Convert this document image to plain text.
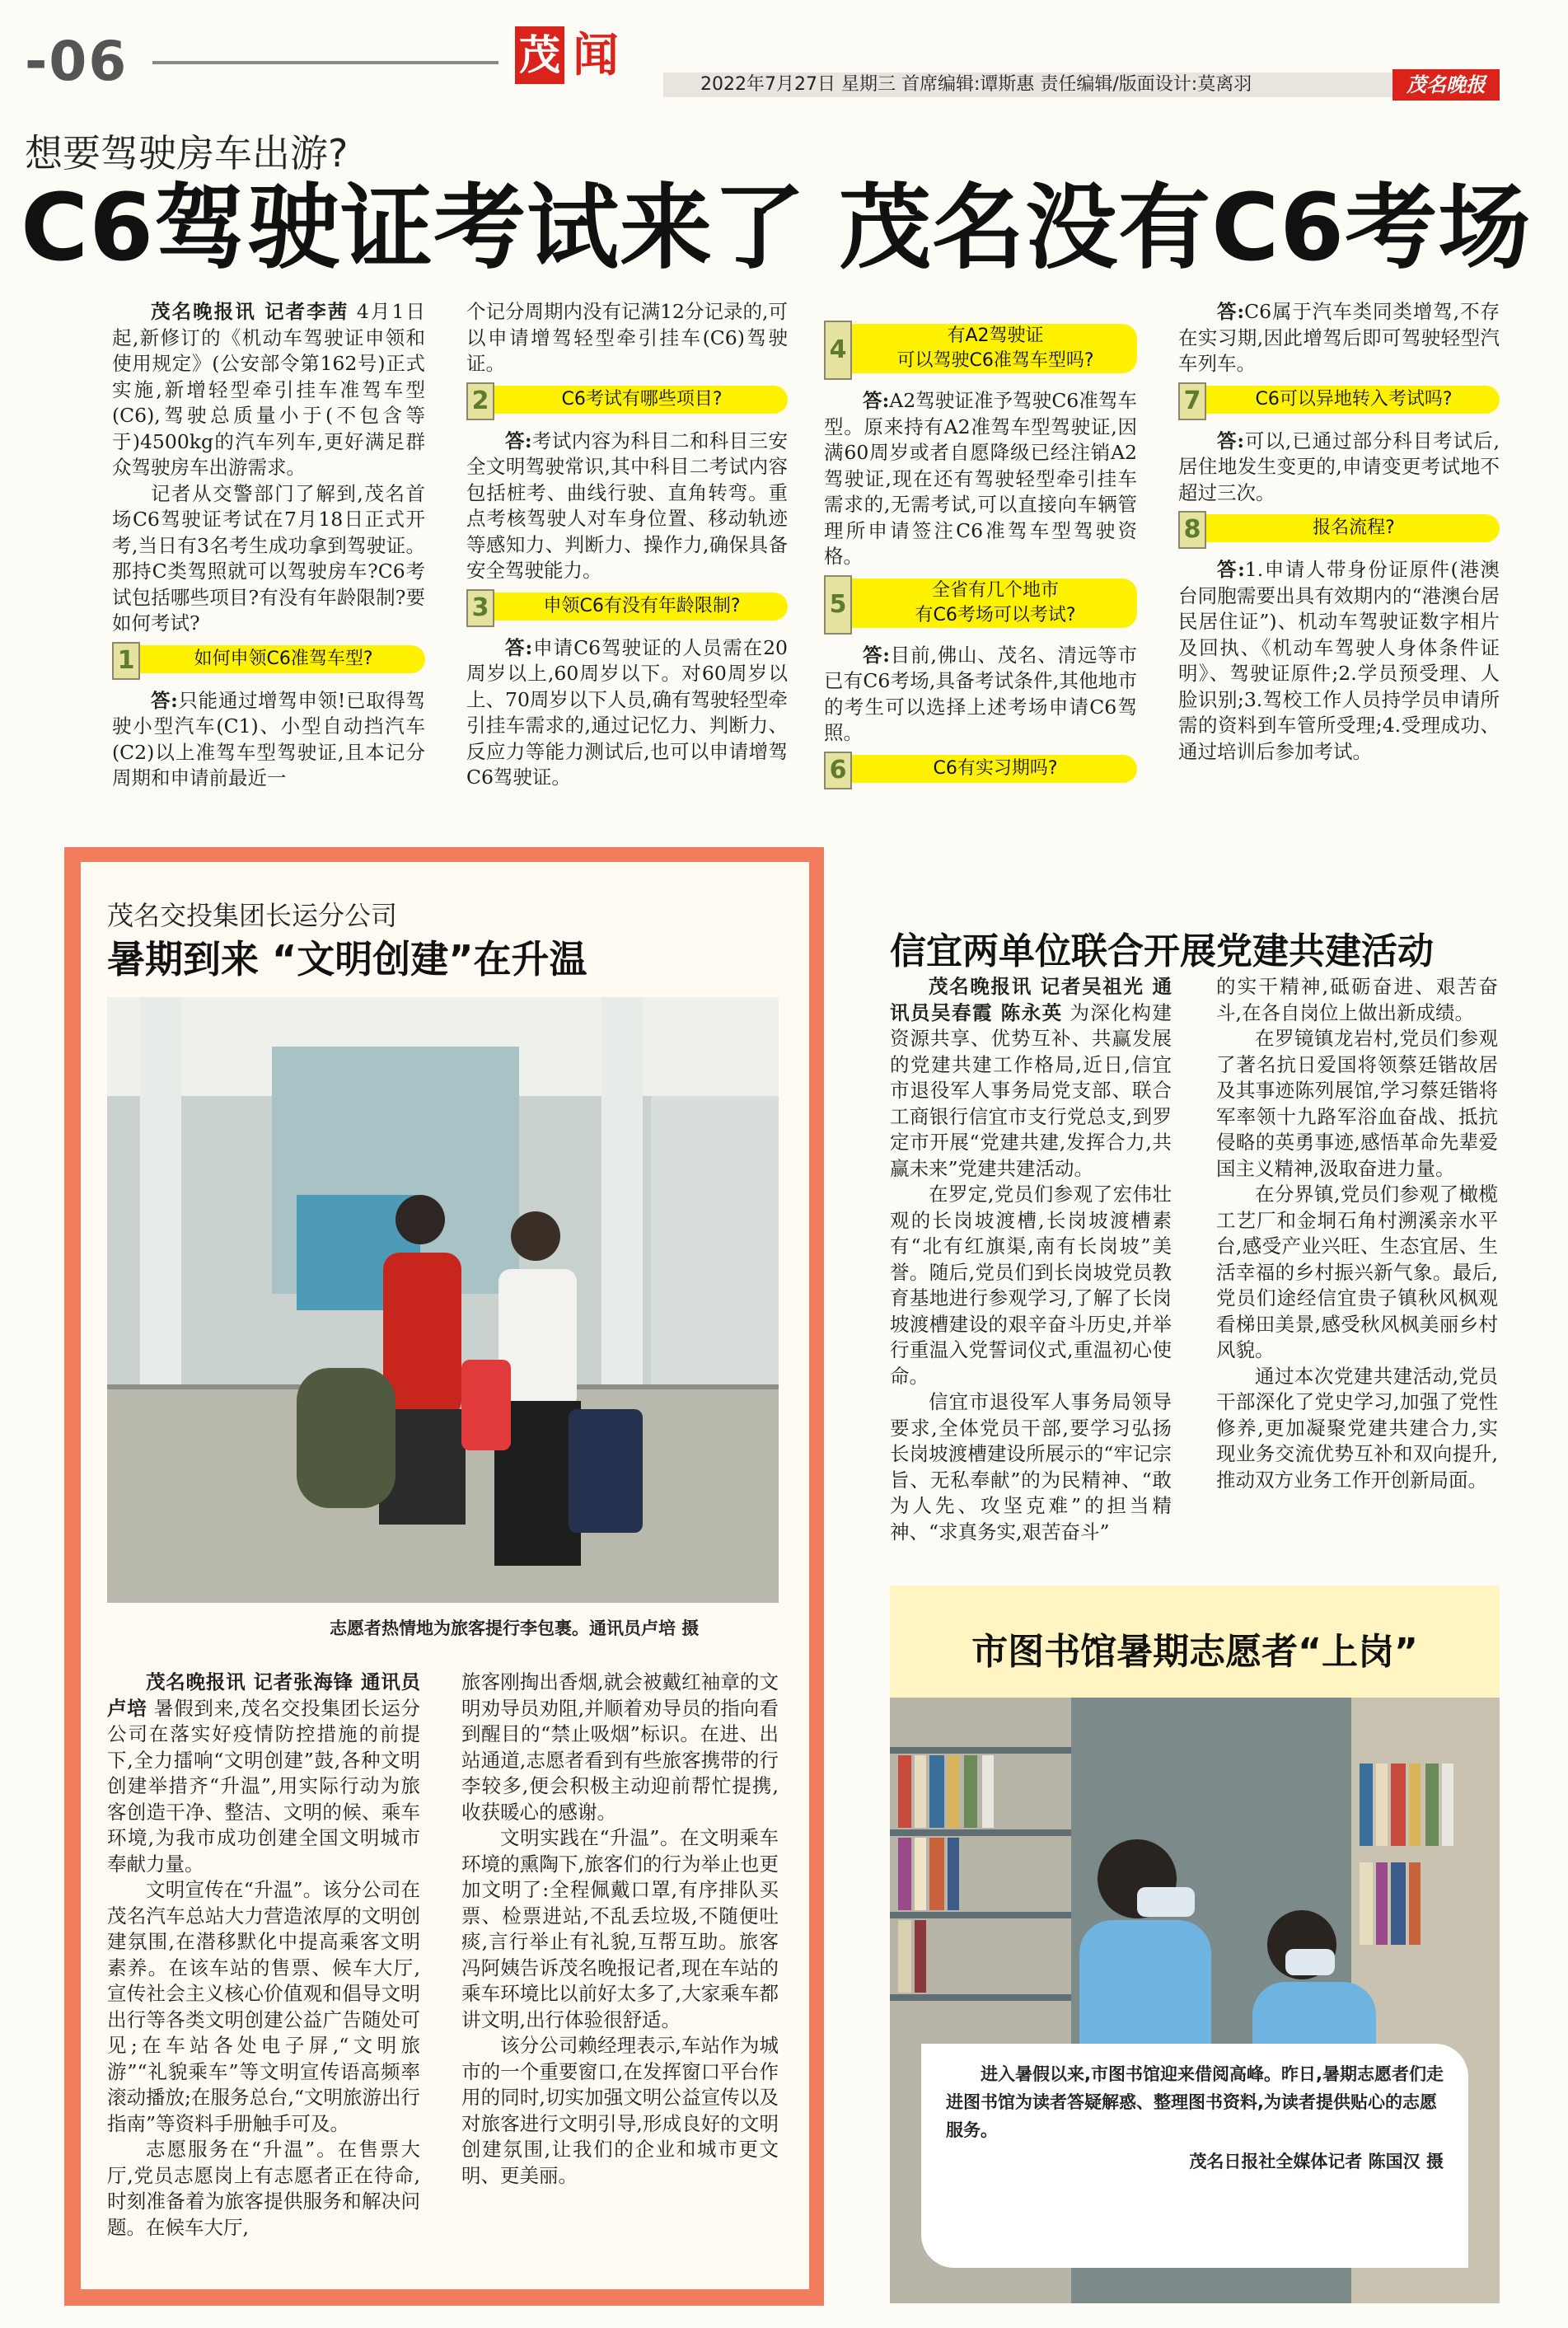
-06	茂 闻
2022年7月27日 星期三 首席编辑:谭斯惠 责任编辑/版面设计:莫离羽	茂名晚报
想要驾驶房车出游?
C6驾驶证考试来了 茂名没有C6考场

茂名晚报讯 记者李茜 4月1日起,新修订的《机动车驾驶证申领和使用规定》(公安部令第162号)正式实施,新增轻型牵引挂车准驾车型(C6),驾驶总质量小于(不包含等于)4500kg的汽车列车,更好满足群众驾驶房车出游需求。

记者从交警部门了解到,茂名首场C6驾驶证考试在7月18日正式开考,当日有3名考生成功拿到驾驶证。那持C类驾照就可以驾驶房车?C6考试包括哪些项目?有没有年龄限制?要如何考试?

1	如何申领C6准驾车型?

答:只能通过增驾申领!已取得驾驶小型汽车(C1)、小型自动挡汽车(C2)以上准驾车型驾驶证,且本记分周期和申请前最近一

个记分周期内没有记满12分记录的,可以申请增驾轻型牵引挂车(C6)驾驶证。

2	C6考试有哪些项目?

答:考试内容为科目二和科目三安全文明驾驶常识,其中科目二考试内容包括桩考、曲线行驶、直角转弯。重点考核驾驶人对车身位置、移动轨迹等感知力、判断力、操作力,确保具备安全驾驶能力。

3	申领C6有没有年龄限制?

答:申请C6驾驶证的人员需在20周岁以上,60周岁以下。对60周岁以上、70周岁以下人员,确有驾驶轻型牵引挂车需求的,通过记忆力、判断力、反应力等能力测试后,也可以申请增驾C6驾驶证。

4	有A2驾驶证
可以驾驶C6准驾车型吗?

答:A2驾驶证准予驾驶C6准驾车型。原来持有A2准驾车型驾驶证,因满60周岁或者自愿降级已经注销A2驾驶证,现在还有驾驶轻型牵引挂车需求的,无需考试,可以直接向车辆管理所申请签注C6准驾车型驾驶资格。

5	全省有几个地市
有C6考场可以考试?

答:目前,佛山、茂名、清远等市已有C6考场,具备考试条件,其他地市的考生可以选择上述考场申请C6驾照。

6	C6有实习期吗?

答:C6属于汽车类同类增驾,不存在实习期,因此增驾后即可驾驶轻型汽车列车。

7	C6可以异地转入考试吗?

答:可以,已通过部分科目考试后,居住地发生变更的,申请变更考试地不超过三次。

8	报名流程?

答:1.申请人带身份证原件(港澳台同胞需要出具有效期内的“港澳台居民居住证”)、机动车驾驶证数字相片及回执、《机动车驾驶人身体条件证明》、驾驶证原件;2.学员预受理、人脸识别;3.驾校工作人员持学员申请所需的资料到车管所受理;4.受理成功、通过培训后参加考试。

茂名交投集团长运分公司
暑期到来 “文明创建”在升温
志愿者热情地为旅客提行李包裹。通讯员卢培 摄

茂名晚报讯 记者张海锋 通讯员卢培 暑假到来,茂名交投集团长运分公司在落实好疫情防控措施的前提下,全力擂响“文明创建”鼓,各种文明创建举措齐“升温”,用实际行动为旅客创造干净、整洁、文明的候、乘车环境,为我市成功创建全国文明城市奉献力量。

文明宣传在“升温”。该分公司在茂名汽车总站大力营造浓厚的文明创建氛围,在潜移默化中提高乘客文明素养。在该车站的售票、候车大厅,宣传社会主义核心价值观和倡导文明出行等各类文明创建公益广告随处可见;在车站各处电子屏,“文明旅游”“礼貌乘车”等文明宣传语高频率滚动播放;在服务总台,“文明旅游出行指南”等资料手册触手可及。

志愿服务在“升温”。在售票大厅,党员志愿岗上有志愿者正在待命,时刻准备着为旅客提供服务和解决问题。在候车大厅,

旅客刚掏出香烟,就会被戴红袖章的文明劝导员劝阻,并顺着劝导员的指向看到醒目的“禁止吸烟”标识。在进、出站通道,志愿者看到有些旅客携带的行李较多,便会积极主动迎前帮忙提携,收获暖心的感谢。

文明实践在“升温”。在文明乘车环境的熏陶下,旅客们的行为举止也更加文明了:全程佩戴口罩,有序排队买票、检票进站,不乱丢垃圾,不随便吐痰,言行举止有礼貌,互帮互助。旅客冯阿姨告诉茂名晚报记者,现在车站的乘车环境比以前好太多了,大家乘车都讲文明,出行体验很舒适。

该分公司赖经理表示,车站作为城市的一个重要窗口,在发挥窗口平台作用的同时,切实加强文明公益宣传以及对旅客进行文明引导,形成良好的文明创建氛围,让我们的企业和城市更文明、更美丽。

信宜两单位联合开展党建共建活动

茂名晚报讯 记者吴祖光 通讯员吴春霞 陈永英 为深化构建资源共享、优势互补、共赢发展的党建共建工作格局,近日,信宜市退役军人事务局党支部、联合工商银行信宜市支行党总支,到罗定市开展“党建共建,发挥合力,共赢未来”党建共建活动。

在罗定,党员们参观了宏伟壮观的长岗坡渡槽,长岗坡渡槽素有“北有红旗渠,南有长岗坡”美誉。随后,党员们到长岗坡党员教育基地进行参观学习,了解了长岗坡渡槽建设的艰辛奋斗历史,并举行重温入党誓词仪式,重温初心使命。

信宜市退役军人事务局领导要求,全体党员干部,要学习弘扬长岗坡渡槽建设所展示的“牢记宗旨、无私奉献”的为民精神、“敢为人先、攻坚克难”的担当精神、“求真务实,艰苦奋斗”

的实干精神,砥砺奋进、艰苦奋斗,在各自岗位上做出新成绩。

在罗镜镇龙岩村,党员们参观了著名抗日爱国将领蔡廷锴故居及其事迹陈列展馆,学习蔡廷锴将军率领十九路军浴血奋战、抵抗侵略的英勇事迹,感悟革命先辈爱国主义精神,汲取奋进力量。

在分界镇,党员们参观了橄榄工艺厂和金垌石角村溯溪亲水平台,感受产业兴旺、生态宜居、生活幸福的乡村振兴新气象。最后,党员们途经信宜贵子镇秋风枫观看梯田美景,感受秋风枫美丽乡村风貌。

通过本次党建共建活动,党员干部深化了党史学习,加强了党性修养,更加凝聚党建共建合力,实现业务交流优势互补和双向提升,推动双方业务工作开创新局面。

市图书馆暑期志愿者“上岗”
进入暑假以来,市图书馆迎来借阅高峰。昨日,暑期志愿者们走进图书馆为读者答疑解惑、整理图书资料,为读者提供贴心的志愿服务。
茂名日报社全媒体记者 陈国汉 摄
